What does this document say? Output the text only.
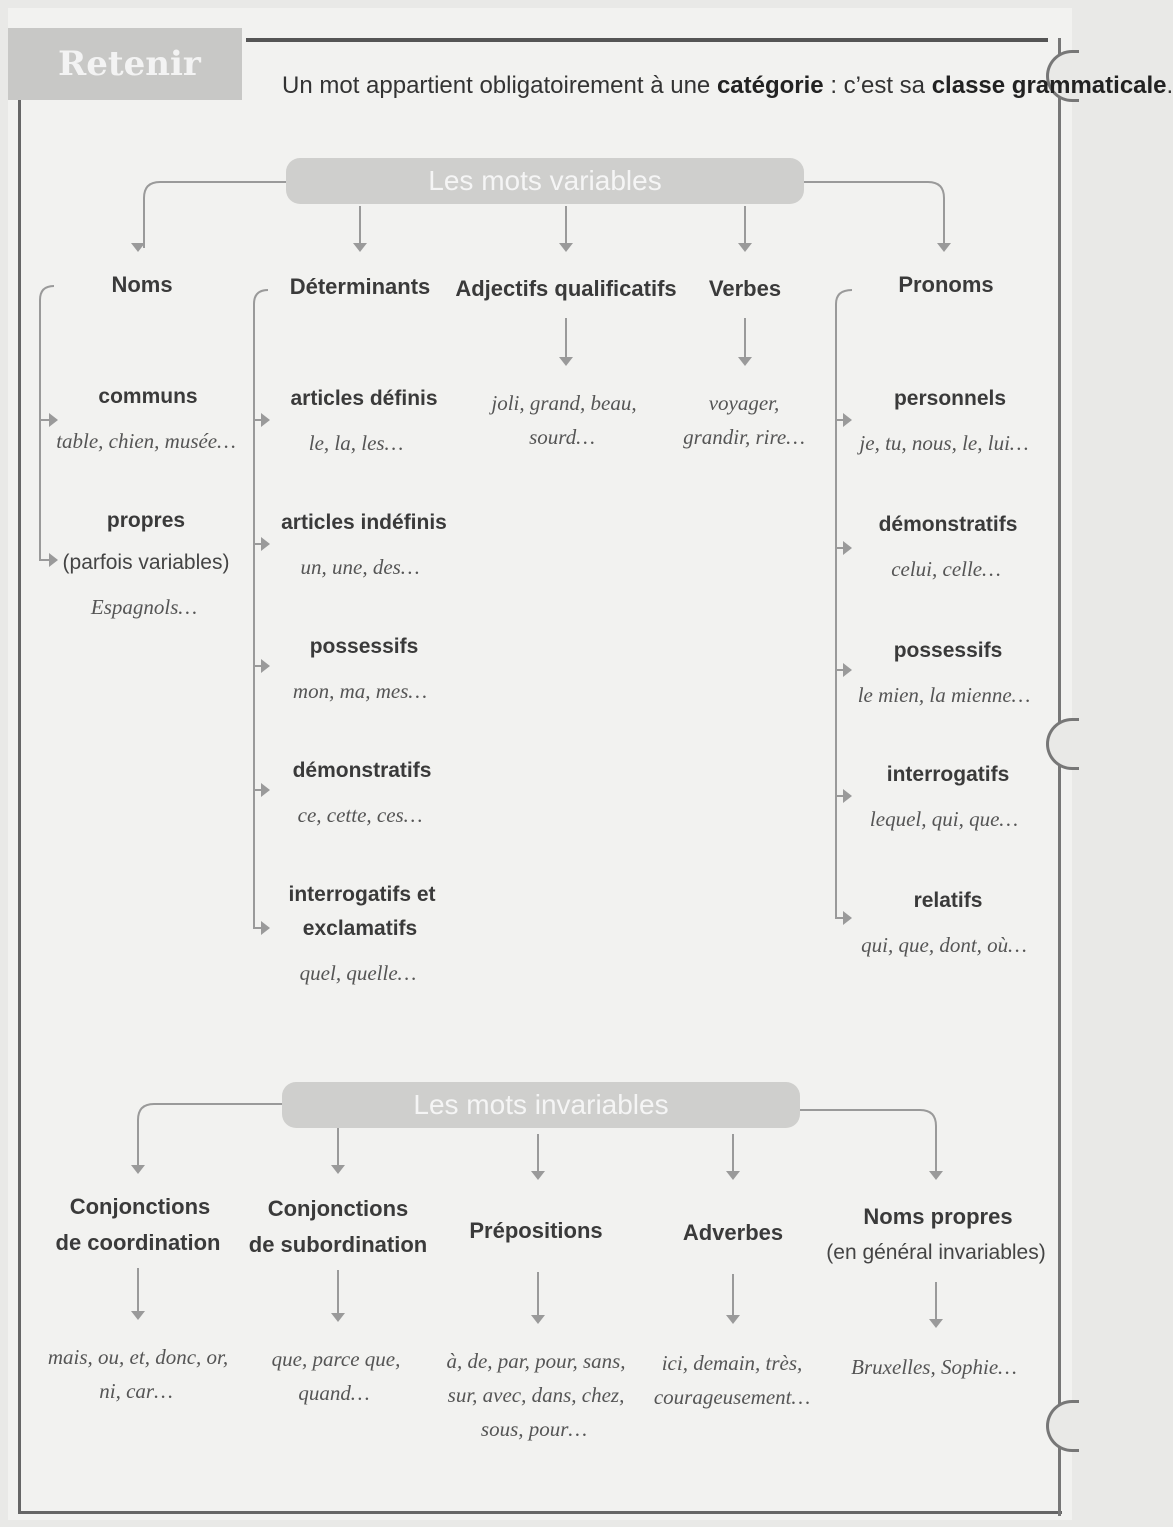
Retenir
Un mot appartient obligatoirement à une catégorie : c’est sa classe grammaticale.
Les mots variables
Les mots invariables
Noms
communs
table, chien, musée…
propres
(parfois variables)
Espagnols…
Déterminants
articles définis
le, la, les…
articles indéfinis
un, une, des…
possessifs
mon, ma, mes…
démonstratifs
ce, cette, ces…
interrogatifs et
exclamatifs
quel, quelle…
Adjectifs qualificatifs
joli, grand, beau,
sourd…
Verbes
voyager,
grandir, rire…
Pronoms
personnels
je, tu, nous, le, lui…
démonstratifs
celui, celle…
possessifs
le mien, la mienne…
interrogatifs
lequel, qui, que…
relatifs
qui, que, dont, où…
Conjonctions
de coordination
mais, ou, et, donc, or,
ni, car…
Conjonctions
de subordination
que, parce que,
quand…
Prépositions
à, de, par, pour, sans,
sur, avec, dans, chez,
sous, pour…
Adverbes
ici, demain, très,
courageusement…
Noms propres
(en général invariables)
Bruxelles, Sophie…
